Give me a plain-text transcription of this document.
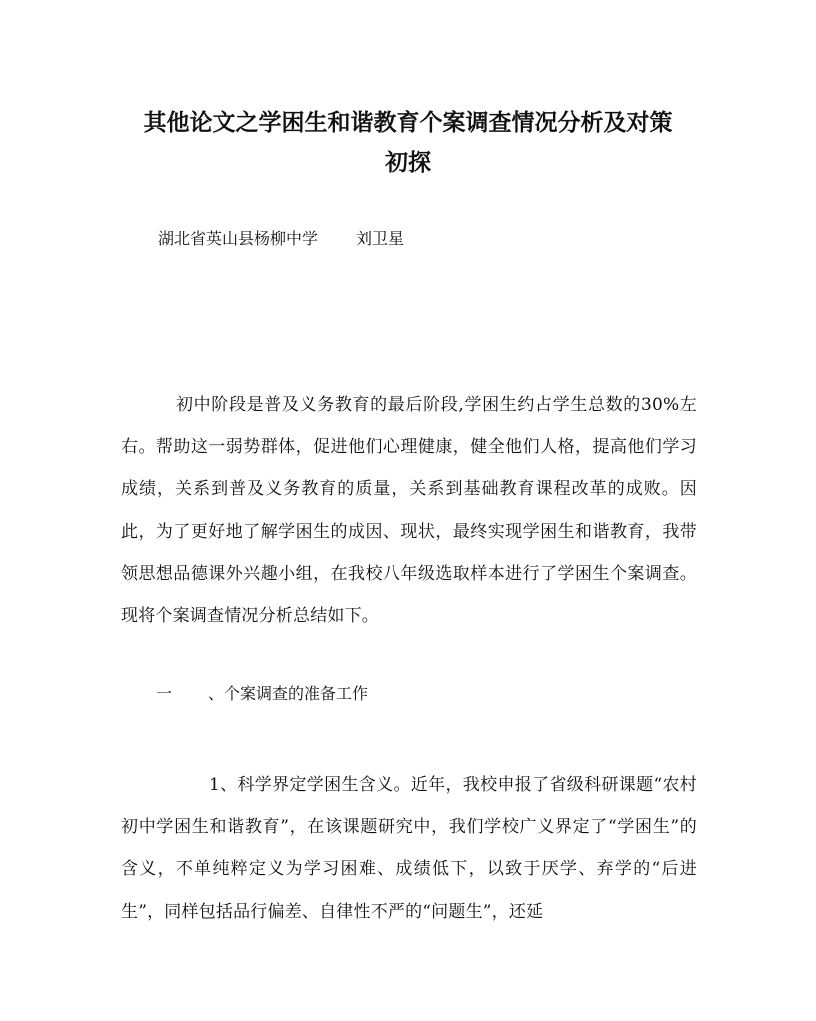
其他论文之学困生和谐教育个案调查情况分析及对策
初探
湖北省英山县杨柳中学 刘卫星

初中阶段是普及义务教育的最后阶段,学困生约占学生总数的30%左右。帮助这一弱势群体，促进他们心理健康，健全他们人格，提高他们学习成绩，关系到普及义务教育的质量，关系到基础教育课程改革的成败。因此，为了更好地了解学困生的成因、现状，最终实现学困生和谐教育，我带领思想品德课外兴趣小组，在我校八年级选取样本进行了学困生个案调查。现将个案调查情况分析总结如下。

一 、个案调查的准备工作

1、科学界定学困生含义。近年，我校申报了省级科研课题“农村初中学困生和谐教育”，在该课题研究中，我们学校广义界定了“学困生”的含义，不单纯粹定义为学习困难、成绩低下，以致于厌学、弃学的“后进生”，同样包括品行偏差、自律性不严的“问题生”，还延
